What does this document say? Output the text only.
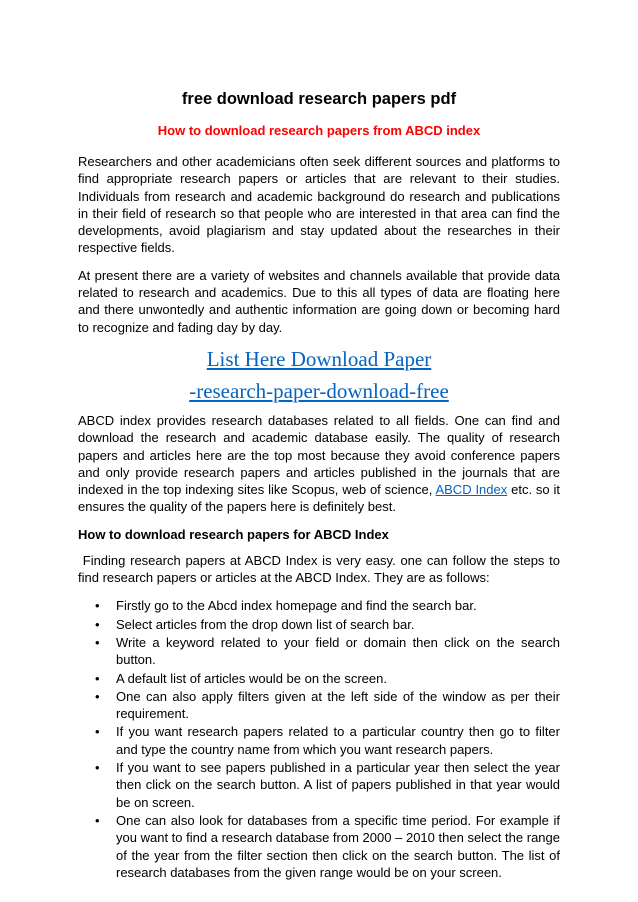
free download research papers pdf
How to download research papers from ABCD index

Researchers and other academicians often seek different sources and platforms to find appropriate research papers or articles that are relevant to their studies. Individuals from research and academic background do research and publications in their field of research so that people who are interested in that area can find the developments, avoid plagiarism and stay updated about the researches in their respective fields.

At present there are a variety of websites and channels available that provide data related to research and academics. Due to this all types of data are floating here and there unwontedly and authentic information are going down or becoming hard to recognize and fading day by day.

List Here Download Paper
-research-paper-download-free

ABCD index provides research databases related to all fields. One can find and download the research and academic database easily. The quality of research papers and articles here are the top most because they avoid conference papers and only provide research papers and articles published in the journals that are indexed in the top indexing sites like Scopus, web of science, ABCD Index etc. so it ensures the quality of the papers here is definitely best.

How to download research papers for ABCD Index

Finding research papers at ABCD Index is very easy. one can follow the steps to find research papers or articles at the ABCD Index. They are as follows:

• Firstly go to the Abcd index homepage and find the search bar.
• Select articles from the drop down list of search bar.
• Write a keyword related to your field or domain then click on the search button.
• A default list of articles would be on the screen.
• One can also apply filters given at the left side of the window as per their requirement.
• If you want research papers related to a particular country then go to filter and type the country name from which you want research papers.
• If you want to see papers published in a particular year then select the year then click on the search button. A list of papers published in that year would be on screen.
• One can also look for databases from a specific time period. For example if you want to find a research database from 2000 – 2010 then select the range of the year from the filter section then click on the search button. The list of research databases from the given range would be on your screen.
